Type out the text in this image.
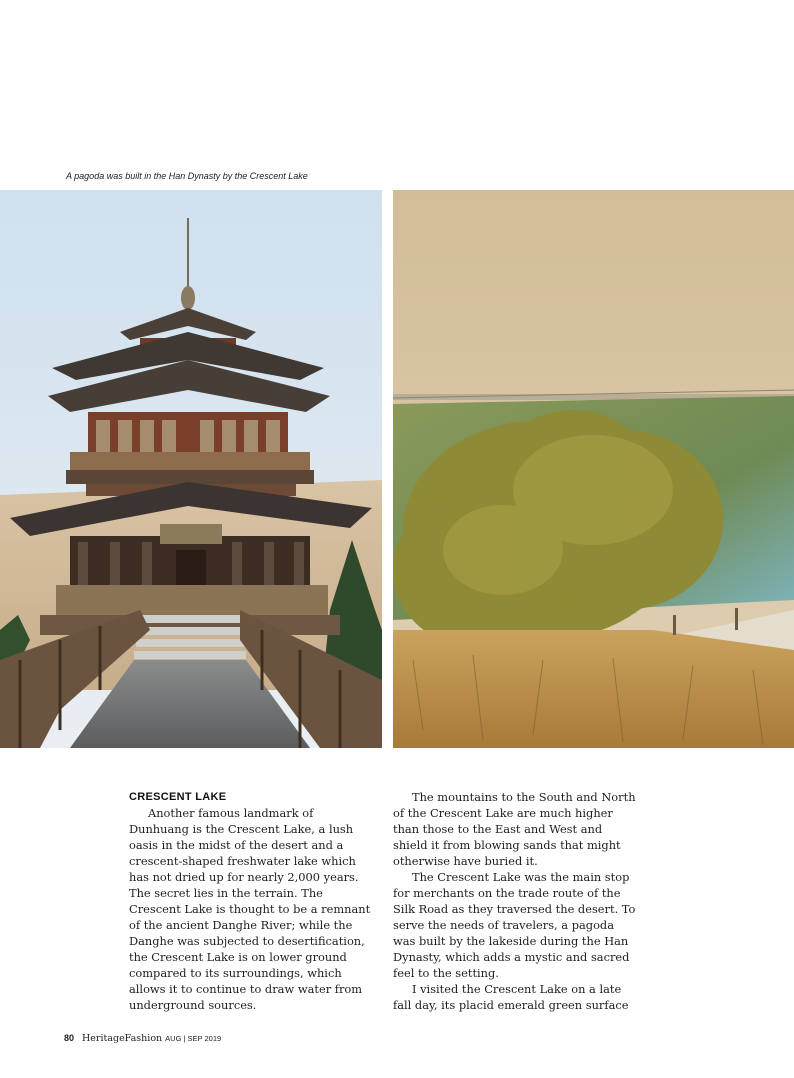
A pagoda was built in the Han Dynasty by the Crescent Lake
CRESCENT LAKE

Another famous landmark of Dunhuang is the Crescent Lake, a lush oasis in the midst of the desert and a crescent-shaped freshwater lake which has not dried up for nearly 2,000 years. The secret lies in the terrain. The Crescent Lake is thought to be a remnant of the ancient Danghe River; while the Danghe was subjected to desertification, the Crescent Lake is on lower ground compared to its surroundings, which allows it to continue to draw water from underground sources.

The mountains to the South and North of the Crescent Lake are much higher than those to the East and West and shield it from blowing sands that might otherwise have buried it.

The Crescent Lake was the main stop for merchants on the trade route of the Silk Road as they traversed the desert. To serve the needs of travelers, a pagoda was built by the lakeside during the Han Dynasty, which adds a mystic and sacred feel to the setting.

I visited the Crescent Lake on a late fall day, its placid emerald green surface

80 HeritageFashion AUG | SEP 2019
